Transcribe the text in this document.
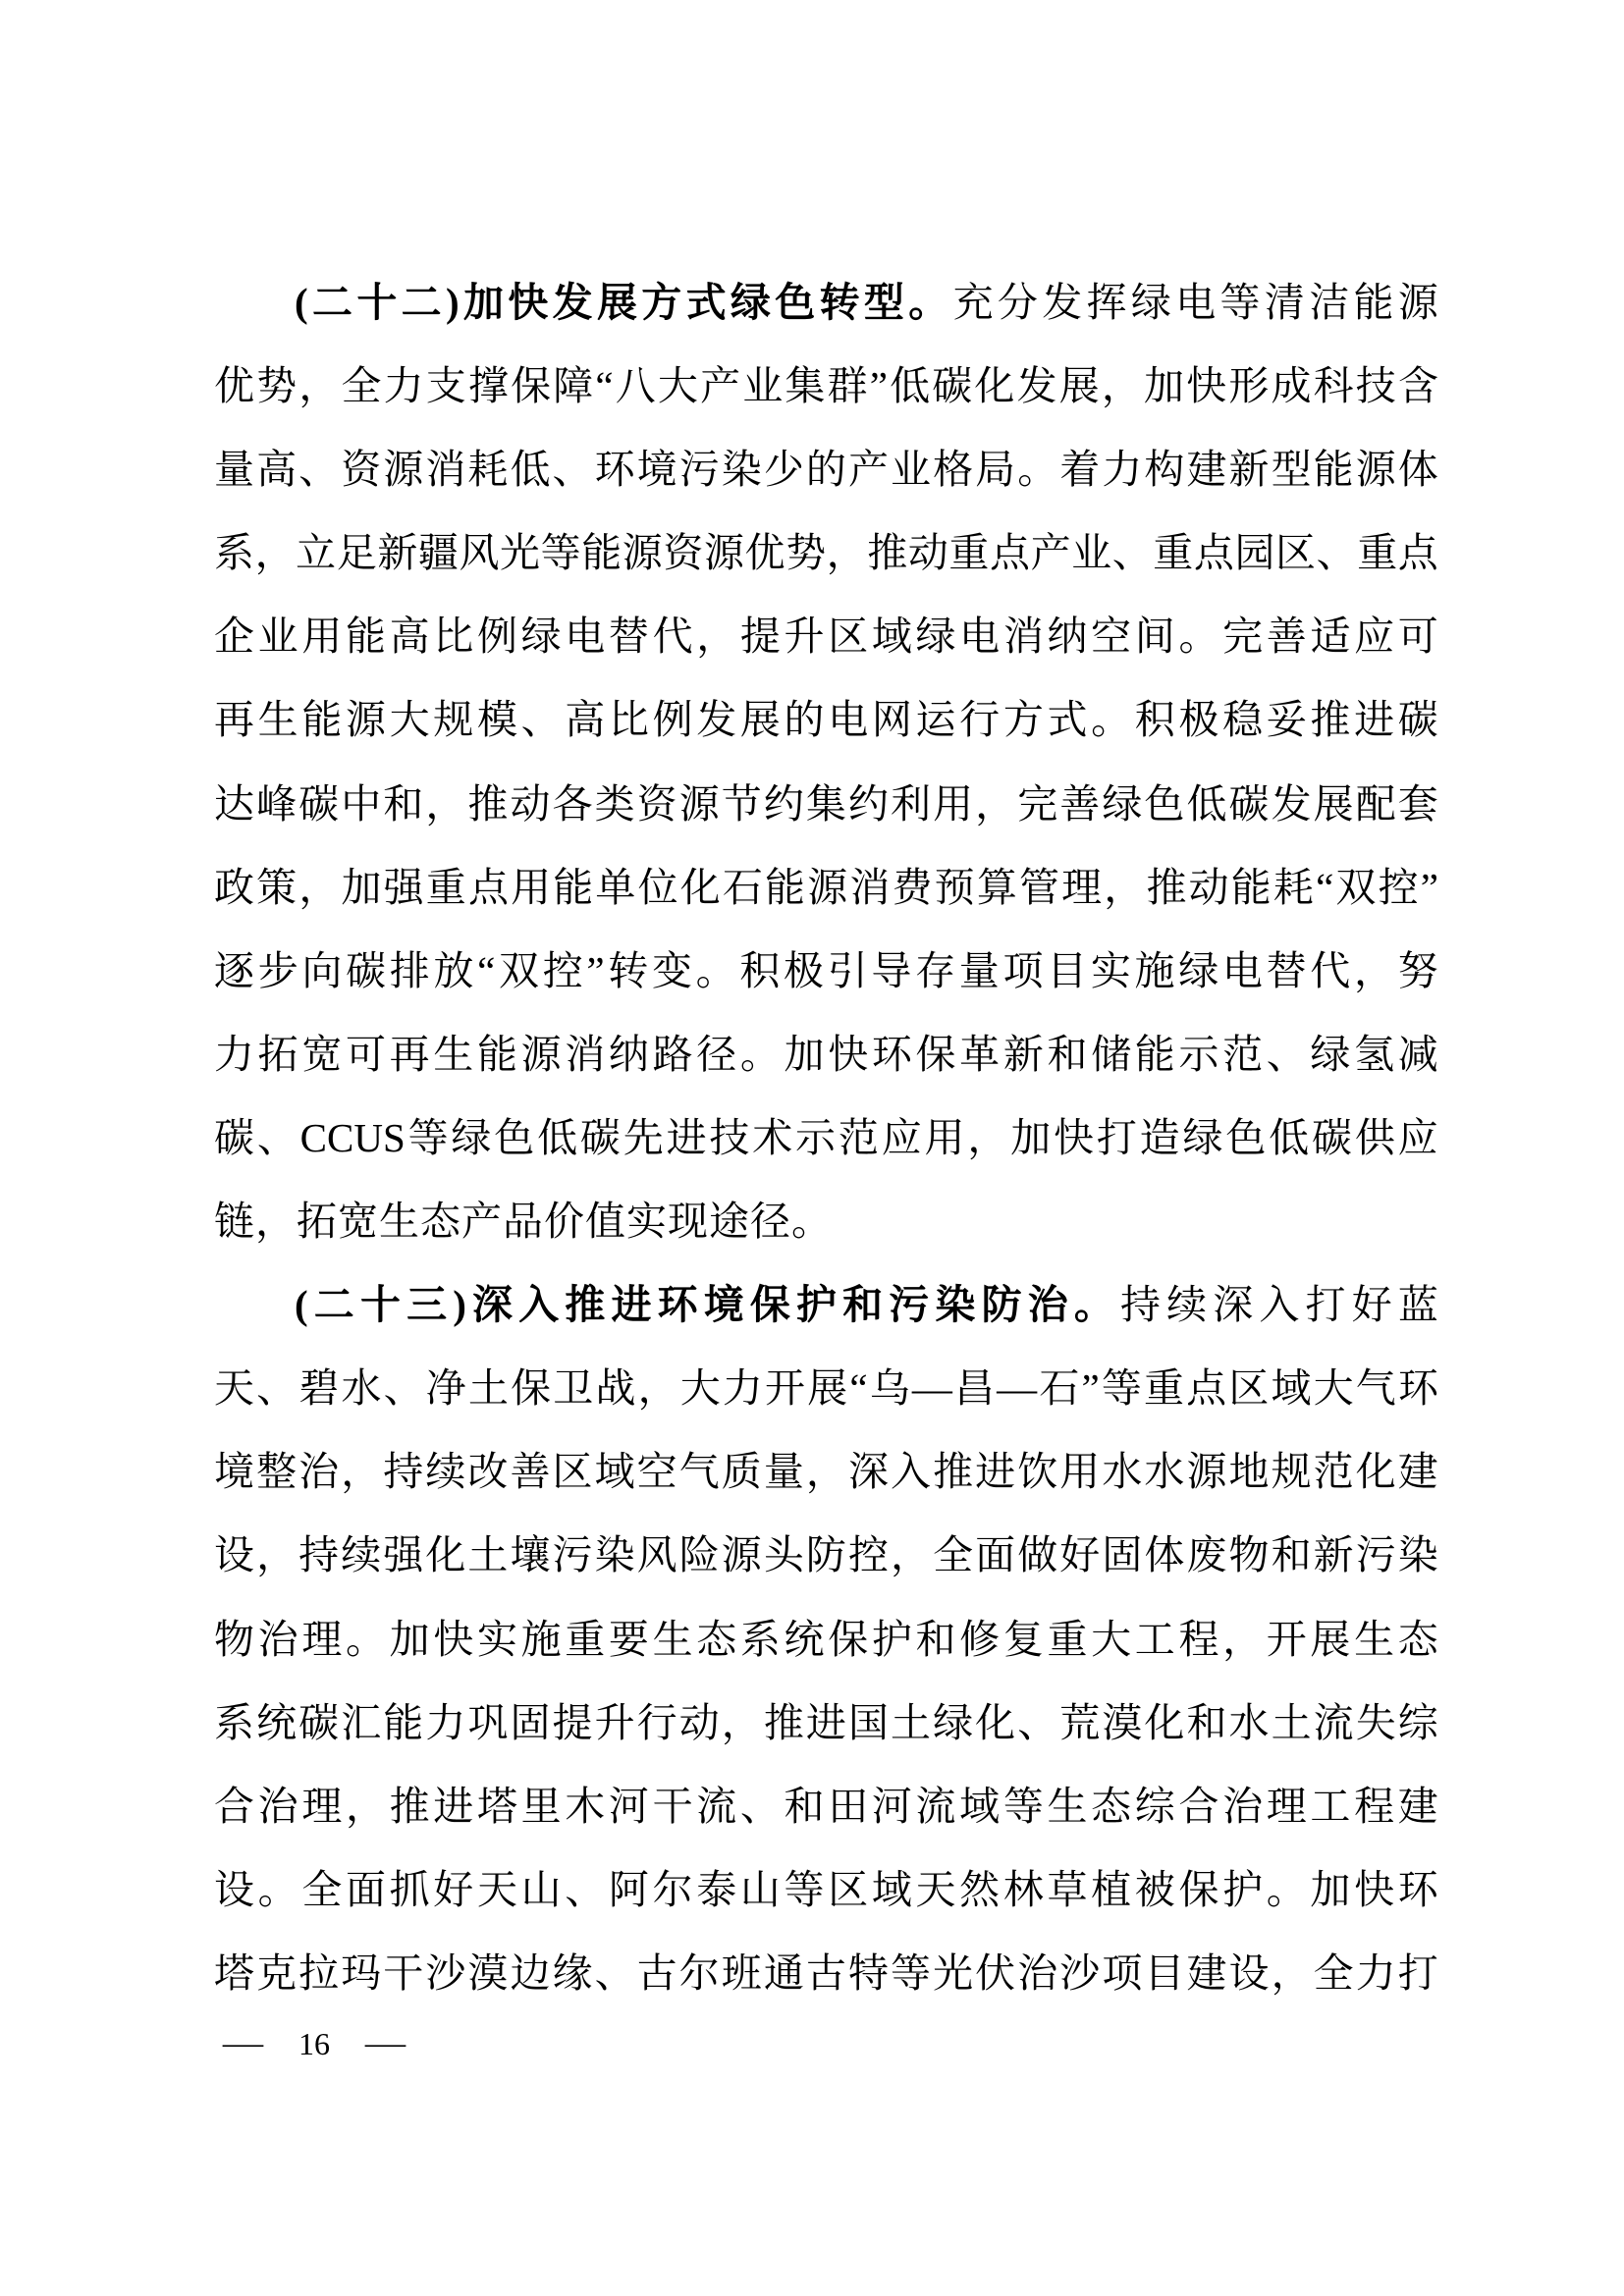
( 二 十 二 ) 加 快 发 展 方 式 绿 色 转 型 。 充 分 发 挥 绿 电 等 清 洁 能 源
优 势 ， 全 力 支 撑 保 障 “ 八 大 产 业 集 群 ” 低 碳 化 发 展 ， 加 快 形 成 科 技 含
量 高 、 资 源 消 耗 低 、 环 境 污 染 少 的 产 业 格 局 。 着 力 构 建 新 型 能 源 体
系 ， 立 足 新 疆 风 光 等 能 源 资 源 优 势 ， 推 动 重 点 产 业 、 重 点 园 区 、 重 点
企 业 用 能 高 比 例 绿 电 替 代 ， 提 升 区 域 绿 电 消 纳 空 间 。 完 善 适 应 可
再 生 能 源 大 规 模 、 高 比 例 发 展 的 电 网 运 行 方 式 。 积 极 稳 妥 推 进 碳
达 峰 碳 中 和 ， 推 动 各 类 资 源 节 约 集 约 利 用 ， 完 善 绿 色 低 碳 发 展 配 套
政 策 ， 加 强 重 点 用 能 单 位 化 石 能 源 消 费 预 算 管 理 ， 推 动 能 耗 “ 双 控 ”
逐 步 向 碳 排 放 “ 双 控 ” 转 变 。 积 极 引 导 存 量 项 目 实 施 绿 电 替 代 ， 努
力 拓 宽 可 再 生 能 源 消 纳 路 径 。 加 快 环 保 革 新 和 储 能 示 范 、 绿 氢 减
碳 、 CCUS 等 绿 色 低 碳 先 进 技 术 示 范 应 用 ， 加 快 打 造 绿 色 低 碳 供 应
链，拓宽生态产品价值实现途径。
( 二 十 三 ) 深 入 推 进 环 境 保 护 和 污 染 防 治 。 持 续 深 入 打 好 蓝
天 、 碧 水 、 净 土 保 卫 战 ， 大 力 开 展 “ 乌 — 昌 — 石 ” 等 重 点 区 域 大 气 环
境 整 治 ， 持 续 改 善 区 域 空 气 质 量 ， 深 入 推 进 饮 用 水 水 源 地 规 范 化 建
设 ， 持 续 强 化 土 壤 污 染 风 险 源 头 防 控 ， 全 面 做 好 固 体 废 物 和 新 污 染
物 治 理 。 加 快 实 施 重 要 生 态 系 统 保 护 和 修 复 重 大 工 程 ， 开 展 生 态
系 统 碳 汇 能 力 巩 固 提 升 行 动 ， 推 进 国 土 绿 化 、 荒 漠 化 和 水 土 流 失 综
合 治 理 ， 推 进 塔 里 木 河 干 流 、 和 田 河 流 域 等 生 态 综 合 治 理 工 程 建
设 。 全 面 抓 好 天 山 、 阿 尔 泰 山 等 区 域 天 然 林 草 植 被 保 护 。 加 快 环
塔 克 拉 玛 干 沙 漠 边 缘 、 古 尔 班 通 古 特 等 光 伏 治 沙 项 目 建 设 ， 全 力 打
— 16 —
